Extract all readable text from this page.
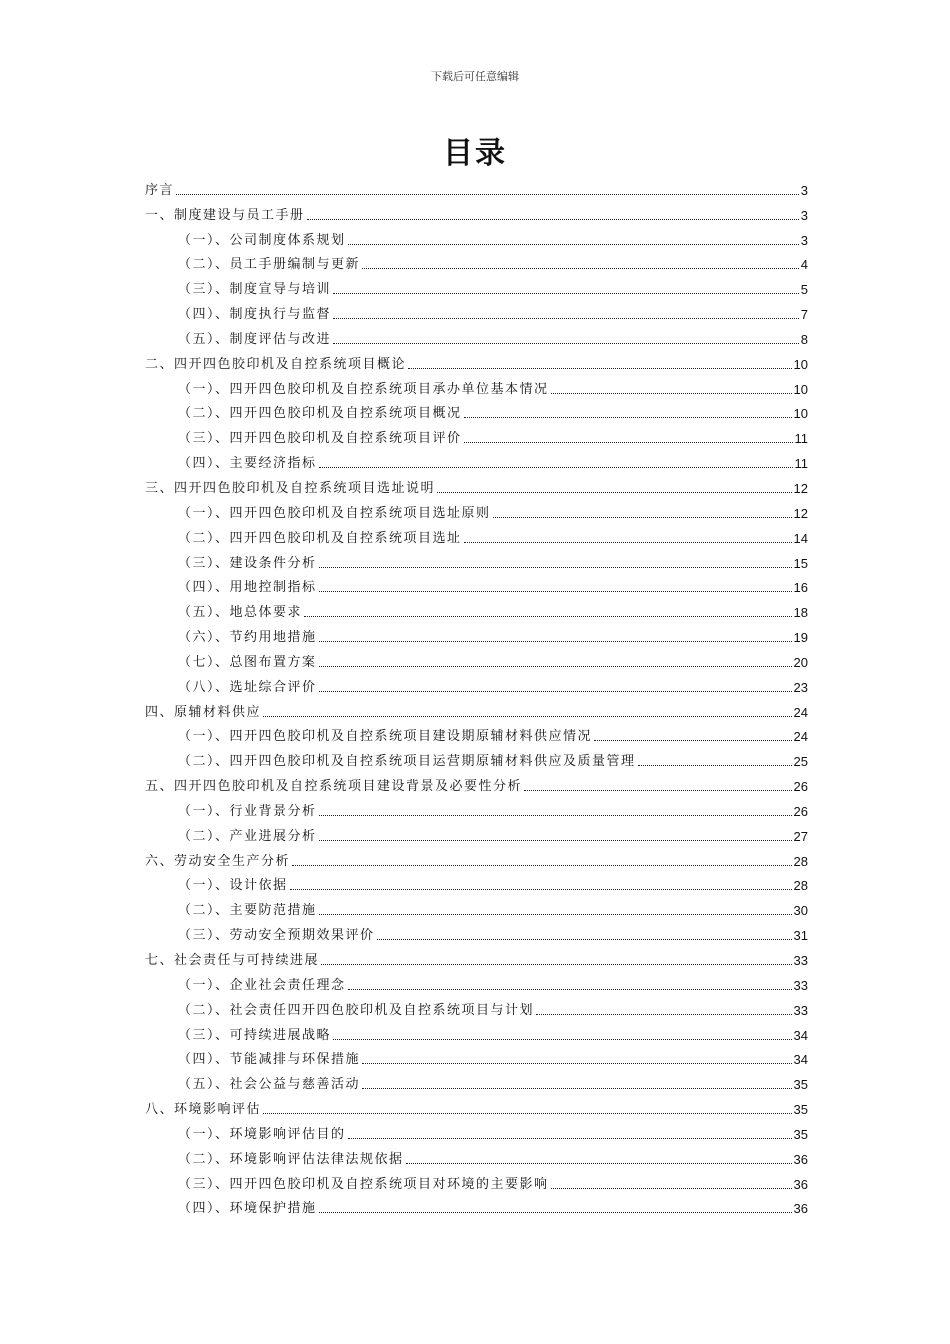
下载后可任意编辑
目录
序言	3
一、制度建设与员工手册	3
（一）、公司制度体系规划	3
（二）、员工手册编制与更新	4
（三）、制度宣导与培训	5
（四）、制度执行与监督	7
（五）、制度评估与改进	8
二、四开四色胶印机及自控系统项目概论	10
（一）、四开四色胶印机及自控系统项目承办单位基本情况	10
（二）、四开四色胶印机及自控系统项目概况	10
（三）、四开四色胶印机及自控系统项目评价	11
（四）、主要经济指标	11
三、四开四色胶印机及自控系统项目选址说明	12
（一）、四开四色胶印机及自控系统项目选址原则	12
（二）、四开四色胶印机及自控系统项目选址	14
（三）、建设条件分析	15
（四）、用地控制指标	16
（五）、地总体要求	18
（六）、节约用地措施	19
（七）、总图布置方案	20
（八）、选址综合评价	23
四、原辅材料供应	24
（一）、四开四色胶印机及自控系统项目建设期原辅材料供应情况	24
（二）、四开四色胶印机及自控系统项目运营期原辅材料供应及质量管理	25
五、四开四色胶印机及自控系统项目建设背景及必要性分析	26
（一）、行业背景分析	26
（二）、产业进展分析	27
六、劳动安全生产分析	28
（一）、设计依据	28
（二）、主要防范措施	30
（三）、劳动安全预期效果评价	31
七、社会责任与可持续进展	33
（一）、企业社会责任理念	33
（二）、社会责任四开四色胶印机及自控系统项目与计划	33
（三）、可持续进展战略	34
（四）、节能减排与环保措施	34
（五）、社会公益与慈善活动	35
八、环境影响评估	35
（一）、环境影响评估目的	35
（二）、环境影响评估法律法规依据	36
（三）、四开四色胶印机及自控系统项目对环境的主要影响	36
（四）、环境保护措施	36
